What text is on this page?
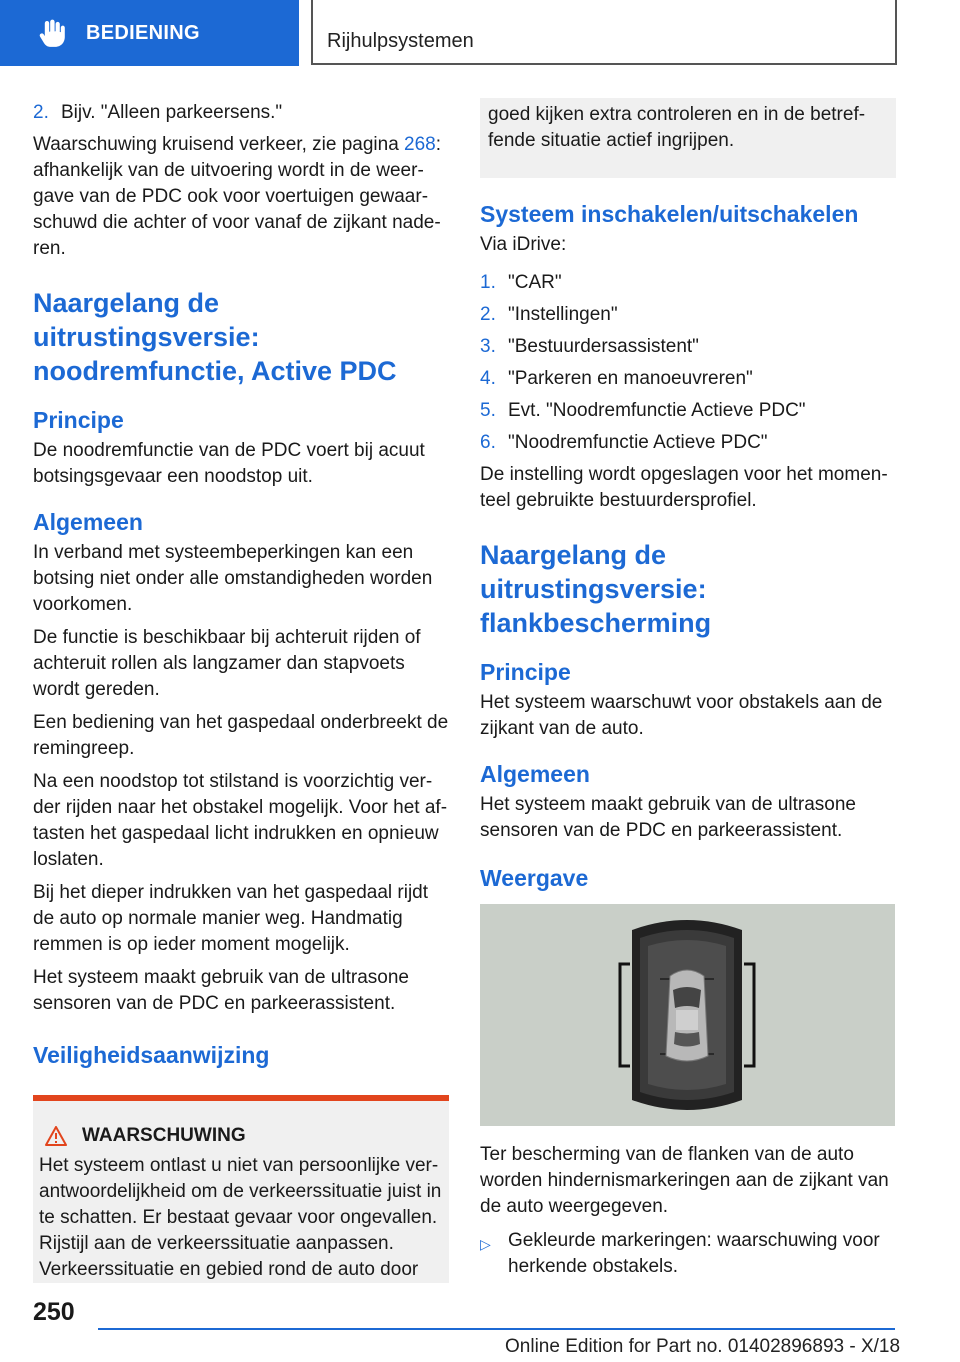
BEDIENING	Rijhulpsystemen
2. Bijv. "Alleen parkeersens."

Waarschuwing kruisend verkeer, zie pagina 268: afhankelijk van de uitvoering wordt in de weergave van de PDC ook voor voertuigen gewaarschuwd die achter of voor vanaf de zijkant naderen.

Naargelang de uitrustingsversie: noodremfunctie, Active PDC
Principe

De noodremfunctie van de PDC voert bij acuut botsingsgevaar een noodstop uit.

Algemeen

In verband met systeembeperkingen kan een botsing niet onder alle omstandigheden worden voorkomen.

De functie is beschikbaar bij achteruit rijden of achteruit rollen als langzamer dan stapvoets wordt gereden.

Een bediening van het gaspedaal onderbreekt de remingreep.

Na een noodstop tot stilstand is voorzichtig verder rijden naar het obstakel mogelijk. Voor het aftasten het gaspedaal licht indrukken en opnieuw loslaten.

Bij het dieper indrukken van het gaspedaal rijdt de auto op normale manier weg. Handmatig remmen is op ieder moment mogelijk.

Het systeem maakt gebruik van de ultrasone sensoren van de PDC en parkeerassistent.

Veiligheidsaanwijzing
WAARSCHUWING

Het systeem ontlast u niet van persoonlijke verantwoordelijkheid om de verkeerssituatie juist in te schatten. Er bestaat gevaar voor ongevallen. Rijstijl aan de verkeerssituatie aanpassen. Verkeerssituatie en gebied rond de auto door

goed kijken extra controleren en in de betreffende situatie actief ingrijpen.
Systeem inschakelen/uitschakelen

Via iDrive:

1. "CAR"
2. "Instellingen"
3. "Bestuurdersassistent"
4. "Parkeren en manoeuvreren"
5. Evt. "Noodremfunctie Actieve PDC"
6. "Noodremfunctie Actieve PDC"

De instelling wordt opgeslagen voor het momenteel gebruikte bestuurdersprofiel.

Naargelang de uitrustingsversie: flankbescherming
Principe

Het systeem waarschuwt voor obstakels aan de zijkant van de auto.

Algemeen

Het systeem maakt gebruik van de ultrasone sensoren van de PDC en parkeerassistent.

Weergave

Ter bescherming van de flanken van de auto worden hindernismarkeringen aan de zijkant van de auto weergegeven.

▷ Gekleurde markeringen: waarschuwing voor herkende obstakels.
250
Online Edition for Part no. 01402896893 - X/18
